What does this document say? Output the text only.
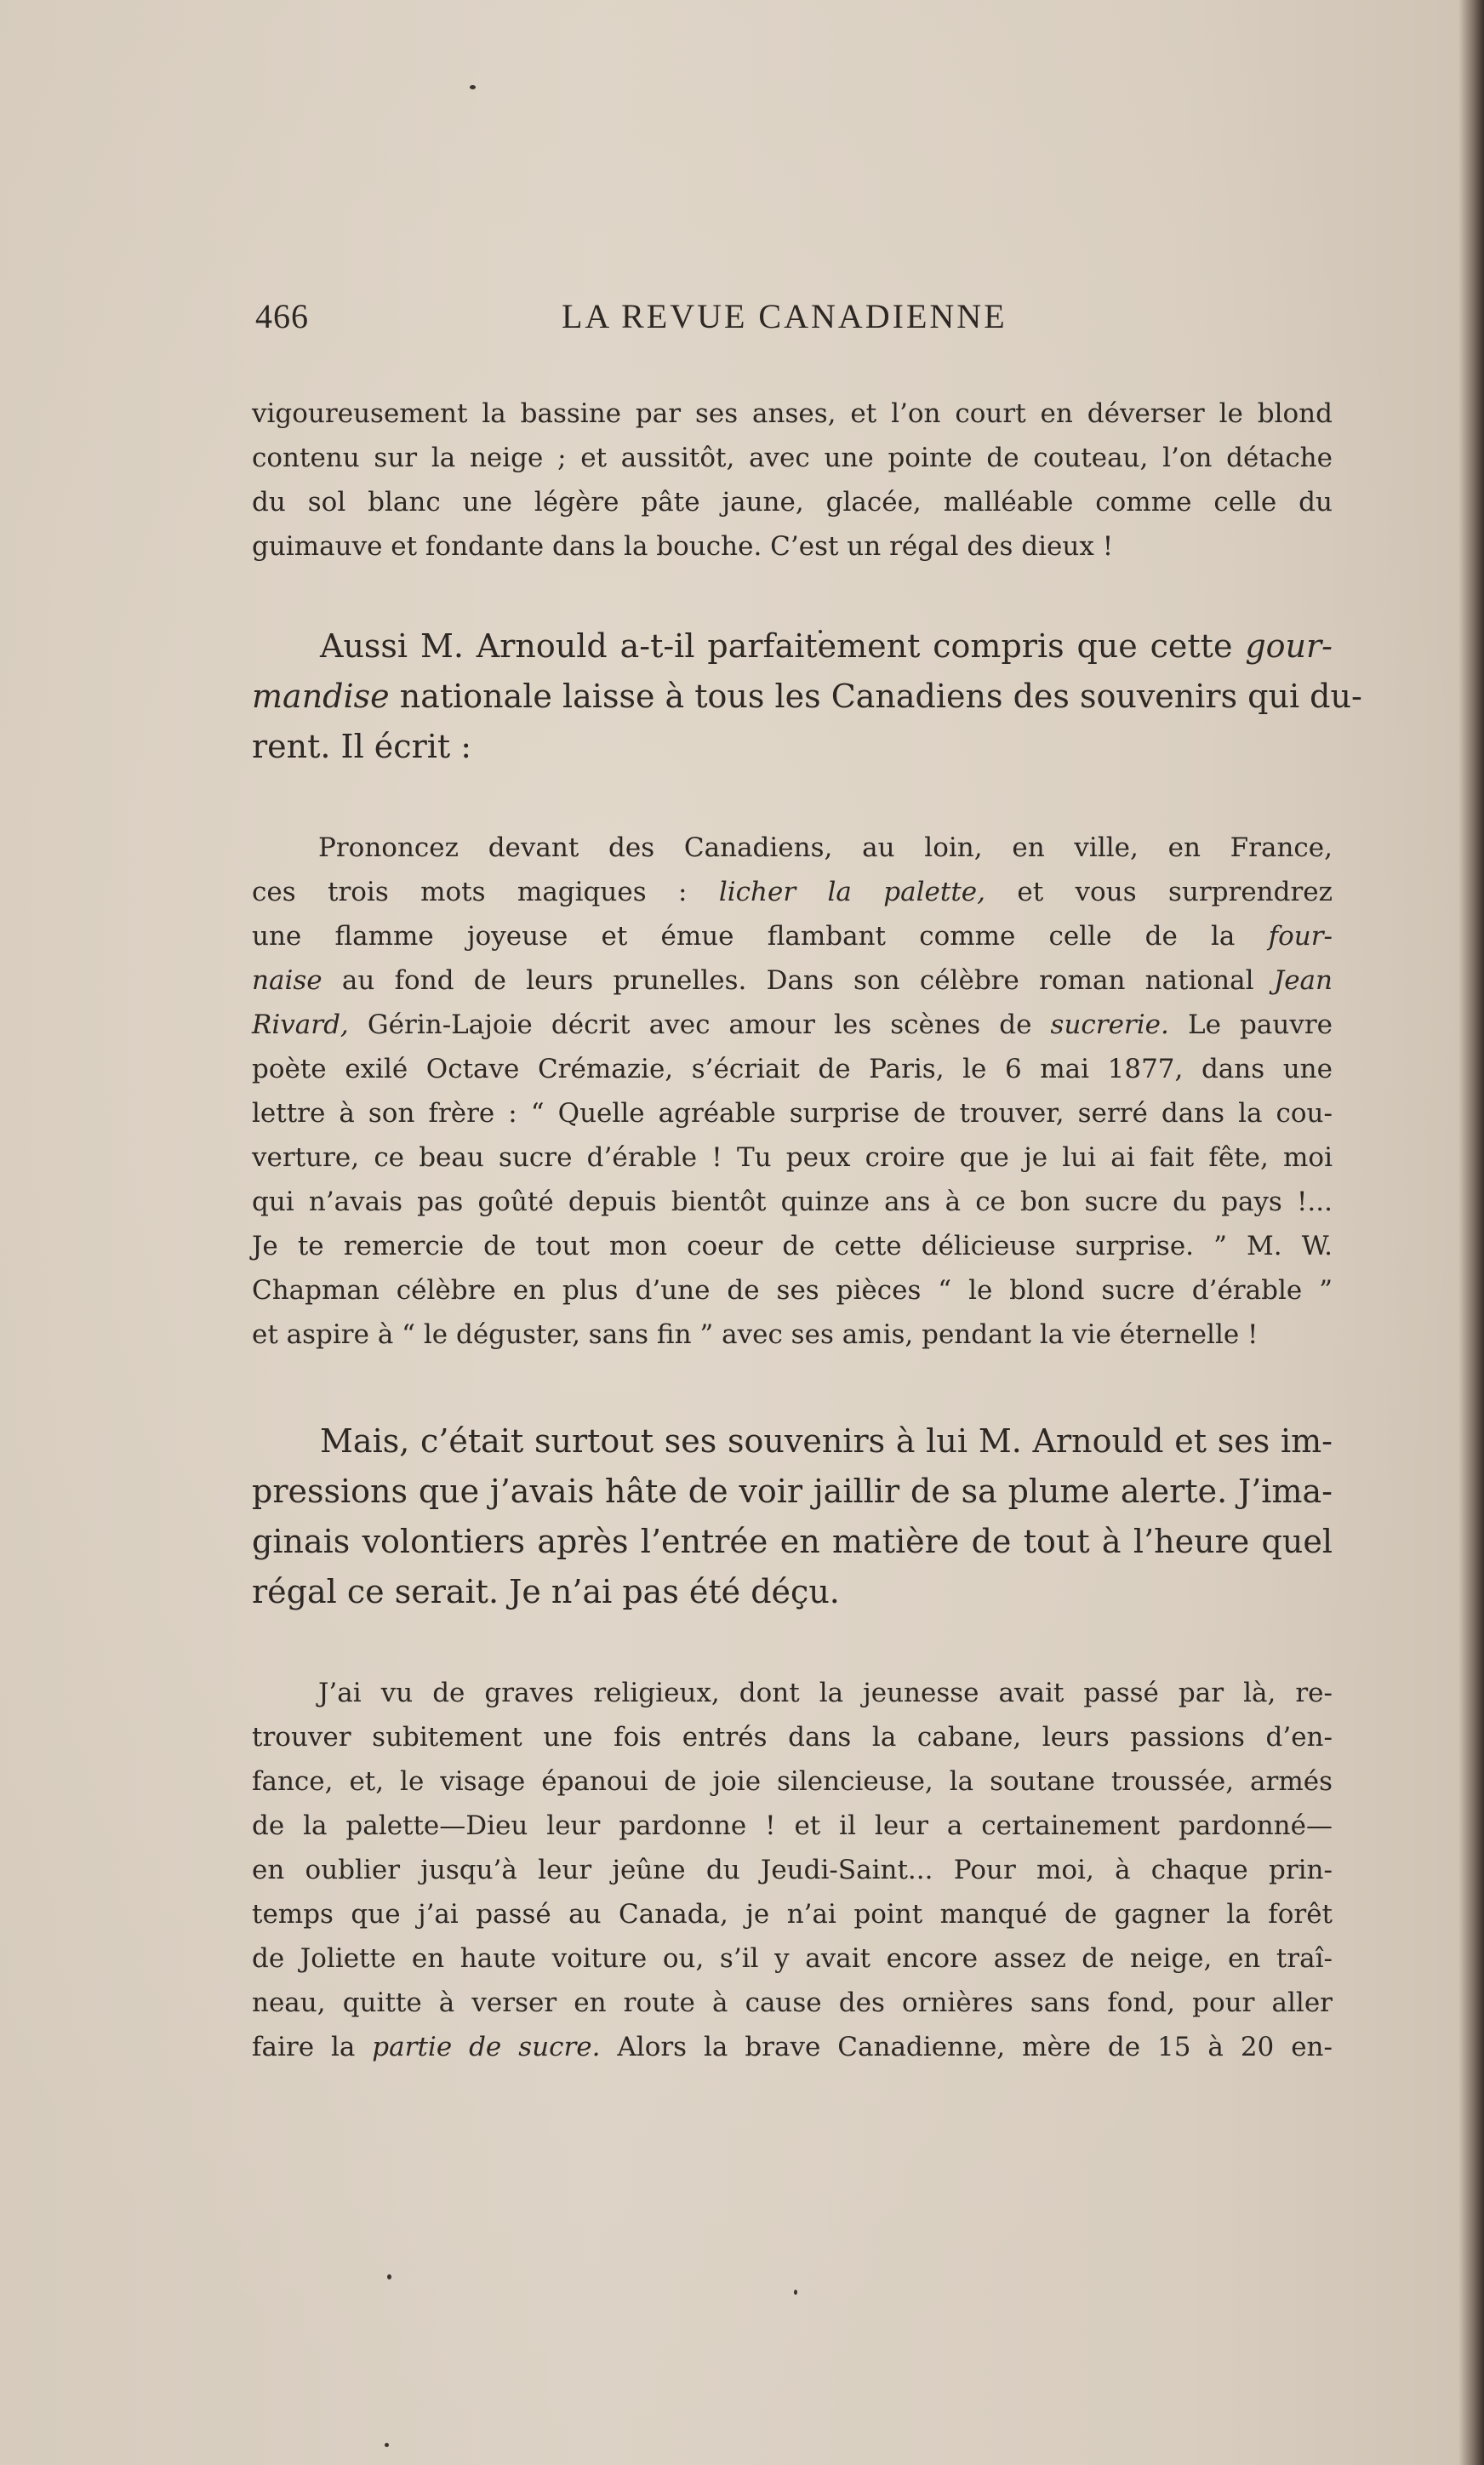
466	LA REVUE CANADIENNE
vigoureusement la bassine par ses anses, et l’on court en déverser le blond
contenu sur la neige ; et aussitôt, avec une pointe de couteau, l’on détache
du sol blanc une légère pâte jaune, glacée, malléable comme celle du
guimauve et fondante dans la bouche. C’est un régal des dieux !
Aussi M. Arnould a-t-il parfaitement compris que cette gour-
mandise nationale laisse à tous les Canadiens des souvenirs qui du-
rent. Il écrit :
Prononcez devant des Canadiens, au loin, en ville, en France,
ces trois mots magiques : licher la palette, et vous surprendrez
une flamme joyeuse et émue flambant comme celle de la four-
naise au fond de leurs prunelles. Dans son célèbre roman national Jean
Rivard, Gérin-Lajoie décrit avec amour les scènes de sucrerie. Le pauvre
poète exilé Octave Crémazie, s’écriait de Paris, le 6 mai 1877, dans une
lettre à son frère : “ Quelle agréable surprise de trouver, serré dans la cou-
verture, ce beau sucre d’érable ! Tu peux croire que je lui ai fait fête, moi
qui n’avais pas goûté depuis bientôt quinze ans à ce bon sucre du pays !...
Je te remercie de tout mon coeur de cette délicieuse surprise. ” M. W.
Chapman célèbre en plus d’une de ses pièces “ le blond sucre d’érable ”
et aspire à “ le déguster, sans fin ” avec ses amis, pendant la vie éternelle !
Mais, c’était surtout ses souvenirs à lui M. Arnould et ses im-
pressions que j’avais hâte de voir jaillir de sa plume alerte. J’ima-
ginais volontiers après l’entrée en matière de tout à l’heure quel
régal ce serait. Je n’ai pas été déçu.
J’ai vu de graves religieux, dont la jeunesse avait passé par là, re-
trouver subitement une fois entrés dans la cabane, leurs passions d’en-
fance, et, le visage épanoui de joie silencieuse, la soutane troussée, armés
de la palette—Dieu leur pardonne ! et il leur a certainement pardonné—
en oublier jusqu’à leur jeûne du Jeudi-Saint... Pour moi, à chaque prin-
temps que j’ai passé au Canada, je n’ai point manqué de gagner la forêt
de Joliette en haute voiture ou, s’il y avait encore assez de neige, en traî-
neau, quitte à verser en route à cause des ornières sans fond, pour aller
faire la partie de sucre. Alors la brave Canadienne, mère de 15 à 20 en-
